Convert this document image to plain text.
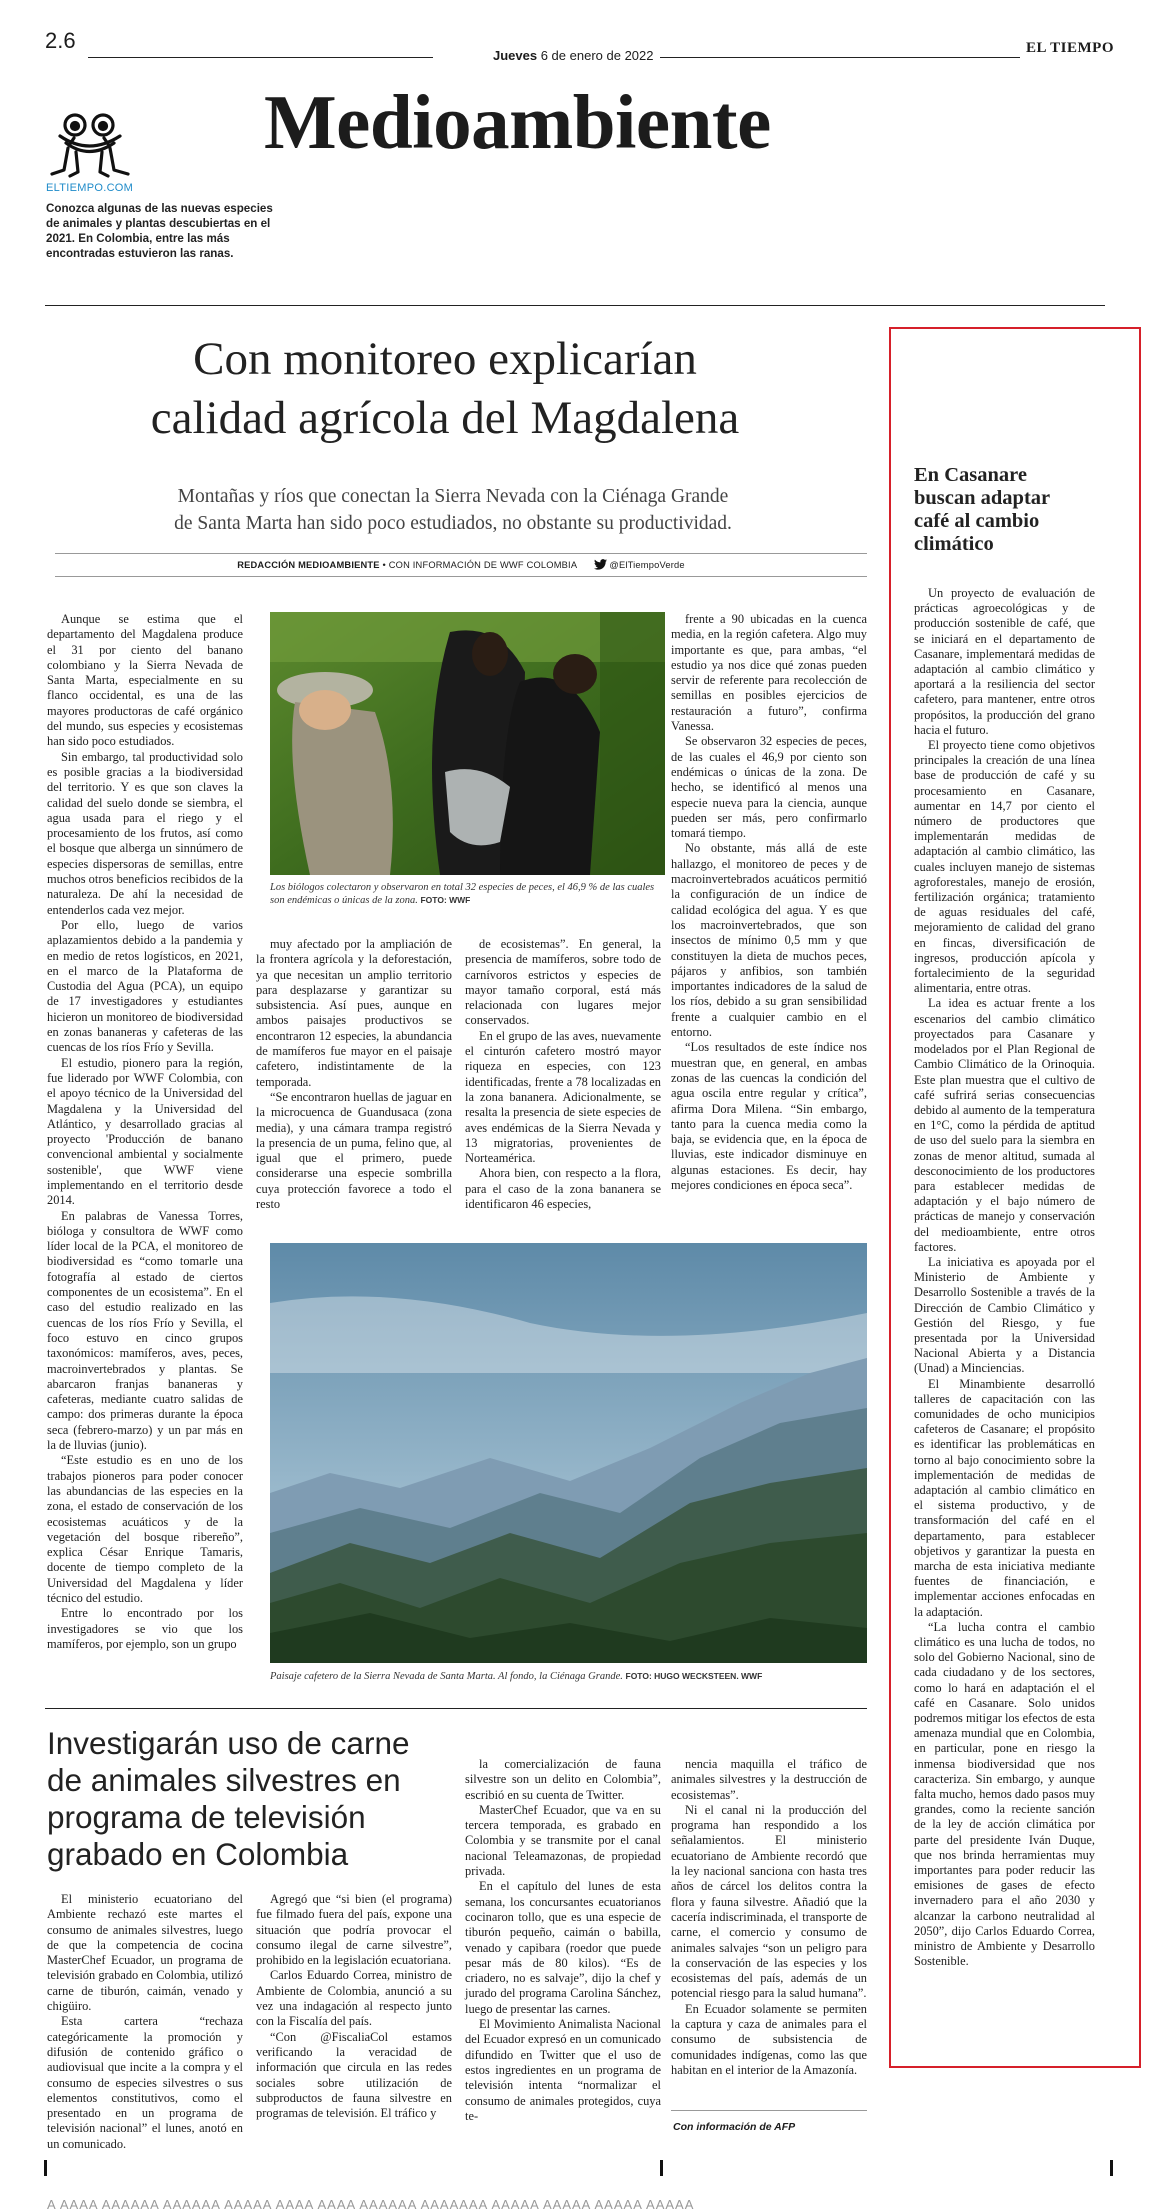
2.6
Jueves 6 de enero de 2022	EL TIEMPO
ELTIEMPO.COM
Conozca algunas de las nuevas especies de animales y plantas descubiertas en el 2021. En Colombia, entre las más encontradas estuvieron las ranas.
Medioambiente
Con monitoreo explicarían
calidad agrícola del Magdalena
Montañas y ríos que conectan la Sierra Nevada con la Ciénaga Grande
de Santa Marta han sido poco estudiados, no obstante su productividad.
REDACCIÓN MEDIOAMBIENTE • CON INFORMACIÓN DE WWF COLOMBIA	@ElTiempoVerde
Los biólogos colectaron y observaron en total 32 especies de peces, el 46,9 % de las cuales son endémicas o únicas de la zona. FOTO: WWF

Aunque se estima que el departamento del Magdalena produce el 31 por ciento del banano colombiano y la Sierra Nevada de Santa Marta, especialmente en su flanco occidental, es una de las mayores productoras de café orgánico del mundo, sus especies y ecosistemas han sido poco estudiados.

Sin embargo, tal productividad solo es posible gracias a la biodiversidad del territorio. Y es que son claves la calidad del suelo donde se siembra, el agua usada para el riego y el procesamiento de los frutos, así como el bosque que alberga un sinnúmero de especies dispersoras de semillas, entre muchos otros beneficios recibidos de la naturaleza. De ahí la necesidad de entenderlos cada vez mejor.

Por ello, luego de varios aplazamientos debido a la pandemia y en medio de retos logísticos, en 2021, en el marco de la Plataforma de Custodia del Agua (PCA), un equipo de 17 investigadores y estudiantes hicieron un monitoreo de biodiversidad en zonas bananeras y cafeteras de las cuencas de los ríos Frío y Sevilla.

El estudio, pionero para la región, fue liderado por WWF Colombia, con el apoyo técnico de la Universidad del Magdalena y la Universidad del Atlántico, y desarrollado gracias al proyecto 'Producción de banano convencional ambiental y socialmente sostenible', que WWF viene implementando en el territorio desde 2014.

En palabras de Vanessa Torres, bióloga y consultora de WWF como líder local de la PCA, el monitoreo de biodiversidad es “como tomarle una fotografía al estado de ciertos componentes de un ecosistema”. En el caso del estudio realizado en las cuencas de los ríos Frío y Sevilla, el foco estuvo en cinco grupos taxonómicos: mamíferos, aves, peces, macroinvertebrados y plantas. Se abarcaron franjas bananeras y cafeteras, mediante cuatro salidas de campo: dos primeras durante la época seca (febrero-marzo) y un par más en la de lluvias (junio).

“Este estudio es en uno de los trabajos pioneros para poder conocer las abundancias de las especies en la zona, el estado de conservación de los ecosistemas acuáticos y de la vegetación del bosque ribereño”, explica César Enrique Tamaris, docente de tiempo completo de la Universidad del Magdalena y líder técnico del estudio.

Entre lo encontrado por los investigadores se vio que los mamíferos, por ejemplo, son un grupo

muy afectado por la ampliación de la frontera agrícola y la deforestación, ya que necesitan un amplio territorio para desplazarse y garantizar su subsistencia. Así pues, aunque en ambos paisajes productivos se encontraron 12 especies, la abundancia de mamíferos fue mayor en el paisaje cafetero, indistintamente de la temporada.

“Se encontraron huellas de jaguar en la microcuenca de Guandusaca (zona media), y una cámara trampa registró la presencia de un puma, felino que, al igual que el primero, puede considerarse una especie sombrilla cuya protección favorece a todo el resto

de ecosistemas”. En general, la presencia de mamíferos, sobre todo de carnívoros estrictos y especies de mayor tamaño corporal, está más relacionada con lugares mejor conservados.

En el grupo de las aves, nuevamente el cinturón cafetero mostró mayor riqueza en especies, con 123 identificadas, frente a 78 localizadas en la zona bananera. Adicionalmente, se resalta la presencia de siete especies de aves endémicas de la Sierra Nevada y 13 migratorias, provenientes de Norteamérica.

Ahora bien, con respecto a la flora, para el caso de la zona bananera se identificaron 46 especies,

frente a 90 ubicadas en la cuenca media, en la región cafetera. Algo muy importante es que, para ambas, “el estudio ya nos dice qué zonas pueden servir de referente para recolección de semillas en posibles ejercicios de restauración a futuro”, confirma Vanessa.

Se observaron 32 especies de peces, de las cuales el 46,9 por ciento son endémicas o únicas de la zona. De hecho, se identificó al menos una especie nueva para la ciencia, aunque pueden ser más, pero confirmarlo tomará tiempo.

No obstante, más allá de este hallazgo, el monitoreo de peces y de macroinvertebrados acuáticos permitió la configuración de un índice de calidad ecológica del agua. Y es que los macroinvertebrados, que son insectos de mínimo 0,5 mm y que constituyen la dieta de muchos peces, pájaros y anfibios, son también importantes indicadores de la salud de los ríos, debido a su gran sensibilidad frente a cualquier cambio en el entorno.

“Los resultados de este índice nos muestran que, en general, en ambas zonas de las cuencas la condición del agua oscila entre regular y crítica”, afirma Dora Milena. “Sin embargo, tanto para la cuenca media como la baja, se evidencia que, en la época de lluvias, este indicador disminuye en algunas estaciones. Es decir, hay mejores condiciones en época seca”.

Paisaje cafetero de la Sierra Nevada de Santa Marta. Al fondo, la Ciénaga Grande. FOTO: HUGO WECKSTEEN. WWF
Investigarán uso de carne
de animales silvestres en
programa de televisión
grabado en Colombia

El ministerio ecuatoriano del Ambiente rechazó este martes el consumo de animales silvestres, luego de que la competencia de cocina MasterChef Ecuador, un programa de televisión grabado en Colombia, utilizó carne de tiburón, caimán, venado y chigüiro.

Esta cartera “rechaza categóricamente la promoción y difusión de contenido gráfico o audiovisual que incite a la compra y el consumo de especies silvestres o sus elementos constitutivos, como el presentado en un programa de televisión nacional” el lunes, anotó en un comunicado.

Agregó que “si bien (el programa) fue filmado fuera del país, expone una situación que podría provocar el consumo ilegal de carne silvestre”, prohibido en la legislación ecuatoriana.

Carlos Eduardo Correa, ministro de Ambiente de Colombia, anunció a su vez una indagación al respecto junto con la Fiscalía del país.

“Con @FiscaliaCol estamos verificando la veracidad de información que circula en las redes sociales sobre utilización de subproductos de fauna silvestre en programas de televisión. El tráfico y

la comercialización de fauna silvestre son un delito en Colombia”, escribió en su cuenta de Twitter.

MasterChef Ecuador, que va en su tercera temporada, es grabado en Colombia y se transmite por el canal nacional Teleamazonas, de propiedad privada.

En el capítulo del lunes de esta semana, los concursantes ecuatorianos cocinaron tollo, que es una especie de tiburón pequeño, caimán o babilla, venado y capibara (roedor que puede pesar más de 80 kilos). “Es de criadero, no es salvaje”, dijo la chef y jurado del programa Carolina Sánchez, luego de presentar las carnes.

El Movimiento Animalista Nacional del Ecuador expresó en un comunicado difundido en Twitter que el uso de estos ingredientes en un programa de televisión intenta “normalizar el consumo de animales protegidos, cuya te-

nencia maquilla el tráfico de animales silvestres y la destrucción de ecosistemas”.

Ni el canal ni la producción del programa han respondido a los señalamientos. El ministerio ecuatoriano de Ambiente recordó que la ley nacional sanciona con hasta tres años de cárcel los delitos contra la flora y fauna silvestre. Añadió que la cacería indiscriminada, el transporte de carne, el comercio y consumo de animales salvajes “son un peligro para la conservación de las especies y los ecosistemas del país, además de un potencial riesgo para la salud humana”.

En Ecuador solamente se permiten la captura y caza de animales para el consumo de subsistencia de comunidades indígenas, como las que habitan en el interior de la Amazonía.

Con información de AFP
En Casanare
buscan adaptar
café al cambio
climático

Un proyecto de evaluación de prácticas agroecológicas y de producción sostenible de café, que se iniciará en el departamento de Casanare, implementará medidas de adaptación al cambio climático y aportará a la resiliencia del sector cafetero, para mantener, entre otros propósitos, la producción del grano hacia el futuro.

El proyecto tiene como objetivos principales la creación de una línea base de producción de café y su procesamiento en Casanare, aumentar en 14,7 por ciento el número de productores que implementarán medidas de adaptación al cambio climático, las cuales incluyen manejo de sistemas agroforestales, manejo de erosión, fertilización orgánica; tratamiento de aguas residuales del café, mejoramiento de calidad del grano en fincas, diversificación de ingresos, producción apícola y fortalecimiento de la seguridad alimentaria, entre otras.

La idea es actuar frente a los escenarios del cambio climático proyectados para Casanare y modelados por el Plan Regional de Cambio Climático de la Orinoquia. Este plan muestra que el cultivo de café sufrirá serias consecuencias debido al aumento de la temperatura en 1°C, como la pérdida de aptitud de uso del suelo para la siembra en zonas de menor altitud, sumada al desconocimiento de los productores para establecer medidas de adaptación y el bajo número de prácticas de manejo y conservación del medioambiente, entre otros factores.

La iniciativa es apoyada por el Ministerio de Ambiente y Desarrollo Sostenible a través de la Dirección de Cambio Climático y Gestión del Riesgo, y fue presentada por la Universidad Nacional Abierta y a Distancia (Unad) a Minciencias.

El Minambiente desarrolló talleres de capacitación con las comunidades de ocho municipios cafeteros de Casanare; el propósito es identificar las problemáticas en torno al bajo conocimiento sobre la implementación de medidas de adaptación al cambio climático en el sistema productivo, y de transformación del café en el departamento, para establecer objetivos y garantizar la puesta en marcha de esta iniciativa mediante fuentes de financiación, e implementar acciones enfocadas en la adaptación.

“La lucha contra el cambio climático es una lucha de todos, no solo del Gobierno Nacional, sino de cada ciudadano y de los sectores, como lo hará en adaptación el el café en Casanare. Solo unidos podremos mitigar los efectos de esta amenaza mundial que en Colombia, en particular, pone en riesgo la inmensa biodiversidad que nos caracteriza. Sin embargo, y aunque falta mucho, hemos dado pasos muy grandes, como la reciente sanción de la ley de acción climática por parte del presidente Iván Duque, que nos brinda herramientas muy importantes para poder reducir las emisiones de gases de efecto invernadero para el año 2030 y alcanzar la carbono neutralidad al 2050”, dijo Carlos Eduardo Correa, ministro de Ambiente y Desarrollo Sostenible.

A AAAA AAAAAA AAAAAA AAAAA AAAA AAAA AAAAAA AAAAAAA AAAAA AAAAA AAAAA AAAAA
